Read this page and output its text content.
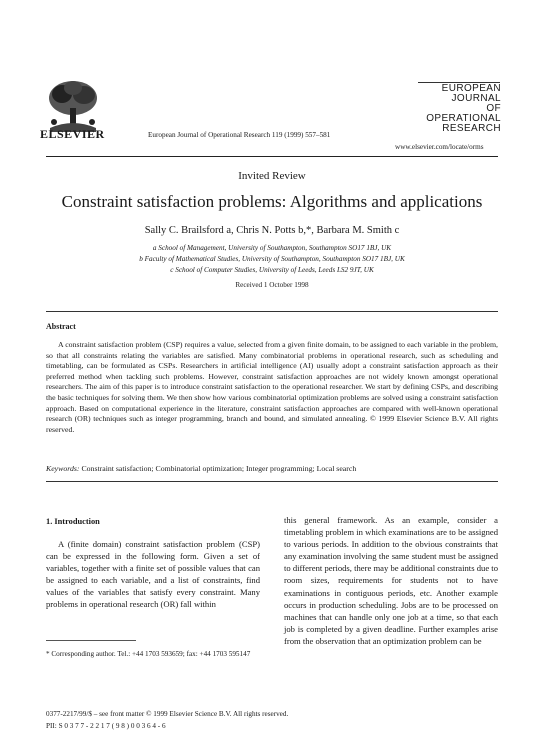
ELSEVIER	European Journal of Operational Research 119 (1999) 557–581
EUROPEAN
JOURNAL
OF OPERATIONAL
RESEARCH
www.elsevier.com/locate/orms
Invited Review
Constraint satisfaction problems: Algorithms and applications
Sally C. Brailsford a, Chris N. Potts b,*, Barbara M. Smith c
a School of Management, University of Southampton, Southampton SO17 1BJ, UK
b Faculty of Mathematical Studies, University of Southampton, Southampton SO17 1BJ, UK
c School of Computer Studies, University of Leeds, Leeds LS2 9JT, UK
Received 1 October 1998
Abstract
A constraint satisfaction problem (CSP) requires a value, selected from a given finite domain, to be assigned to each variable in the problem, so that all constraints relating the variables are satisfied. Many combinatorial problems in operational research, such as scheduling and timetabling, can be formulated as CSPs. Researchers in artificial intelligence (AI) usually adopt a constraint satisfaction approach as their preferred method when tackling such problems. However, constraint satisfaction approaches are not widely known amongst operational researchers. The aim of this paper is to introduce constraint satisfaction to the operational researcher. We start by defining CSPs, and describing the basic techniques for solving them. We then show how various combinatorial optimization problems are solved using a constraint satisfaction approach. Based on computational experience in the literature, constraint satisfaction approaches are compared with well-known operational research (OR) techniques such as integer programming, branch and bound, and simulated annealing. © 1999 Elsevier Science B.V. All rights reserved.
Keywords: Constraint satisfaction; Combinatorial optimization; Integer programming; Local search
1. Introduction
A (finite domain) constraint satisfaction problem (CSP) can be expressed in the following form. Given a set of variables, together with a finite set of possible values that can be assigned to each variable, and a list of constraints, find values of the variables that satisfy every constraint. Many problems in operational research (OR) fall within
this general framework. As an example, consider a timetabling problem in which examinations are to be assigned to various periods. In addition to the obvious constraints that any examination involving the same student must be assigned to different periods, there may be additional constraints due to room sizes, requirements for students not to have examinations in contiguous periods, etc. Another example occurs in production scheduling. Jobs are to be processed on machines that can handle only one job at a time, so that each job is completed by a given deadline. Further examples arise from the observation that an optimization problem can be
* Corresponding author. Tel.: +44 1703 593659; fax: +44 1703 595147
0377-2217/99/$ – see front matter © 1999 Elsevier Science B.V. All rights reserved.
PII: S 0 3 7 7 - 2 2 1 7 ( 9 8 ) 0 0 3 6 4 - 6
